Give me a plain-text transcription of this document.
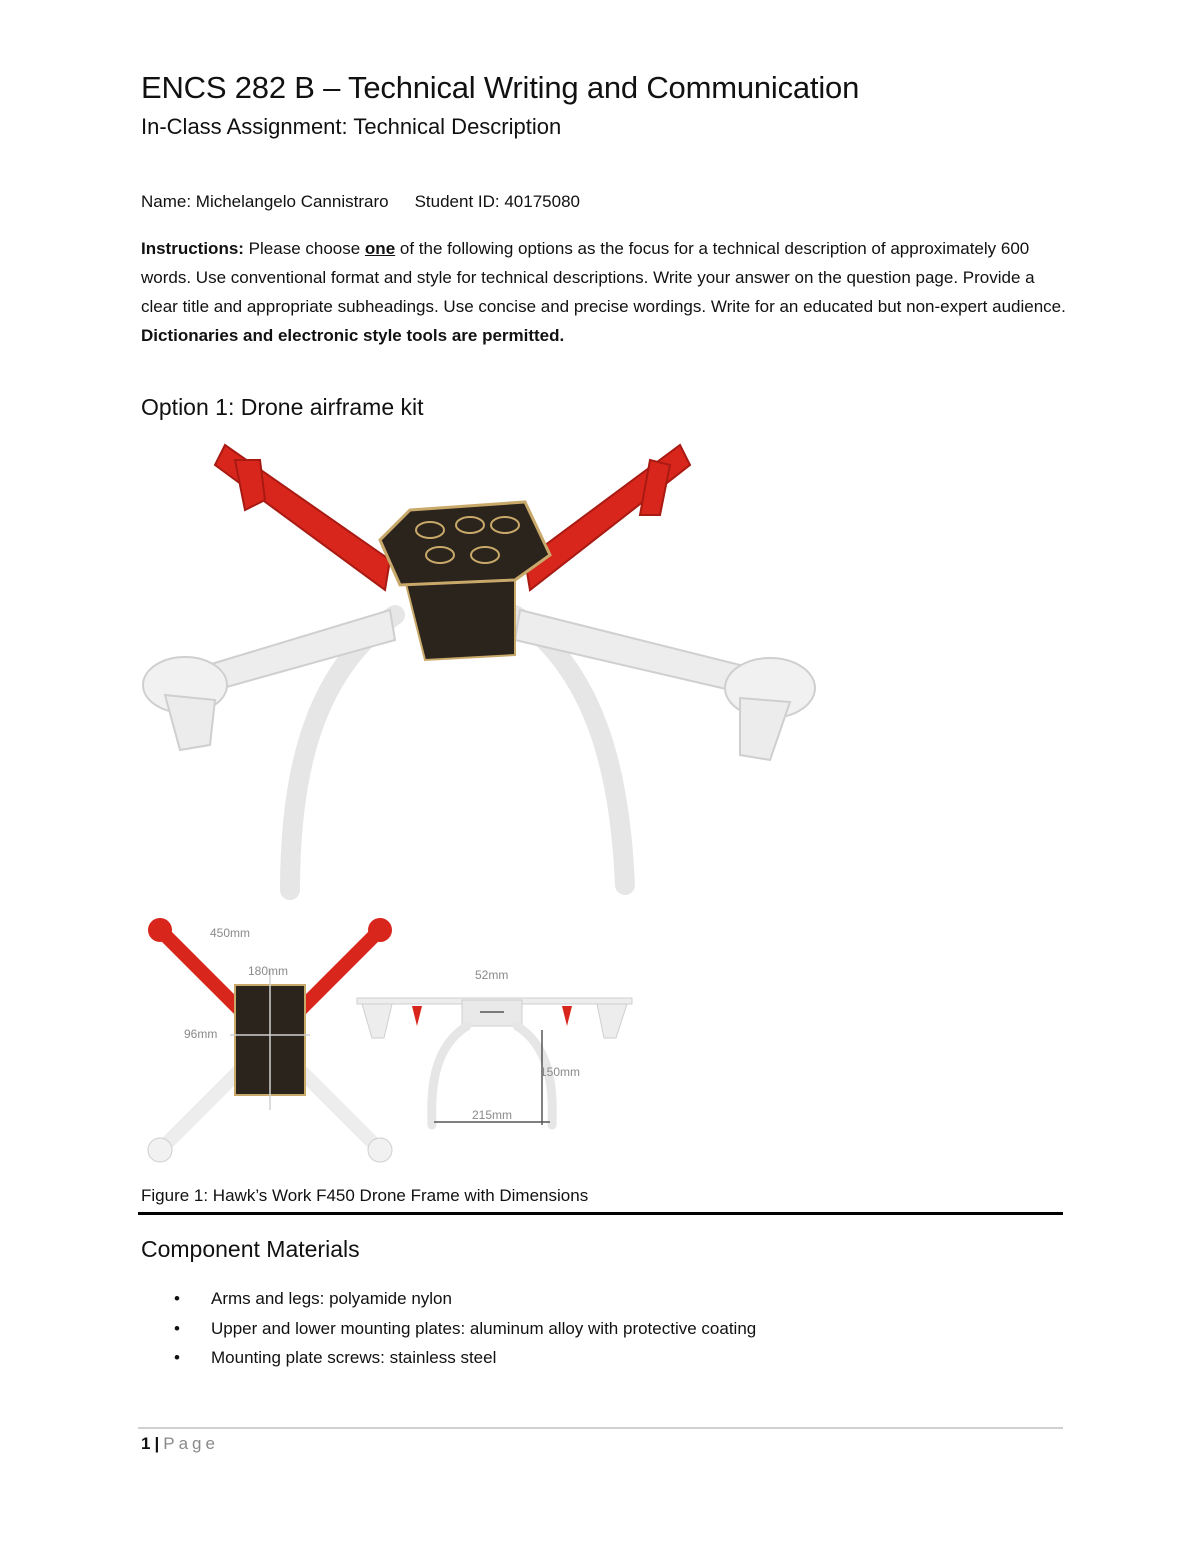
ENCS 282 B – Technical Writing and Communication
In-Class Assignment: Technical Description
Name: Michelangelo Cannistraro Student ID: 40175080
Instructions: Please choose one of the following options as the focus for a technical description of approximately 600 words. Use conventional format and style for technical descriptions. Write your answer on the question page. Provide a clear title and appropriate subheadings. Use concise and precise wordings. Write for an educated but non-expert audience. Dictionaries and electronic style tools are permitted.
Option 1: Drone airframe kit
450mm
180mm
96mm
52mm
150mm
215mm
Figure 1: Hawk’s Work F450 Drone Frame with Dimensions
Component Materials
• Arms and legs: polyamide nylon
• Upper and lower mounting plates: aluminum alloy with protective coating
• Mounting plate screws: stainless steel
1 | Page
